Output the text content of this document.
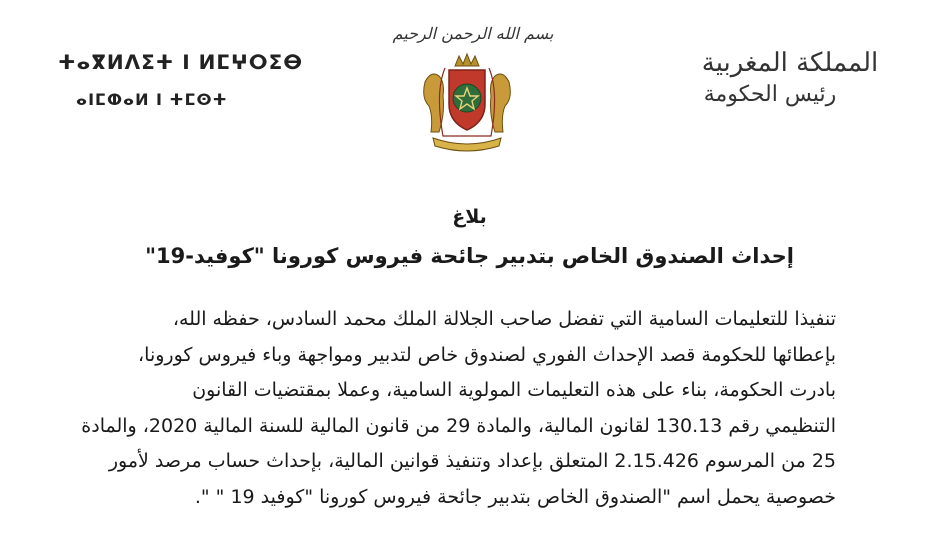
ⵜⴰⴳⵍⴷⵉⵜ ⵏ ⵍⵎⵖⵔⵉⴱ
ⴰⵏⵎⵀⴰⵍ ⵏ ⵜⵎⵙⵜ
بسم الله الرحمن الرحيم
المملكة المغربية
رئيس الحكومة
بلاغ
إحداث الصندوق الخاص بتدبير جائحة فيروس كورونا "كوفيد-19"
تنفيذا للتعليمات السامية التي تفضل صاحب الجلالة الملك محمد السادس، حفظه الله،
بإعطائها للحكومة قصد الإحداث الفوري لصندوق خاص لتدبير ومواجهة وباء فيروس كورونا،
بادرت الحكومة، بناء على هذه التعليمات المولوية السامية، وعملا بمقتضيات القانون
التنظيمي رقم 130.13 لقانون المالية، والمادة 29 من قانون المالية للسنة المالية 2020، والمادة
25 من المرسوم 2.15.426 المتعلق بإعداد وتنفيذ قوانين المالية، بإحداث حساب مرصد لأمور
خصوصية يحمل اسم "الصندوق الخاص بتدبير جائحة فيروس كورونا "كوفيد 19 " ".
